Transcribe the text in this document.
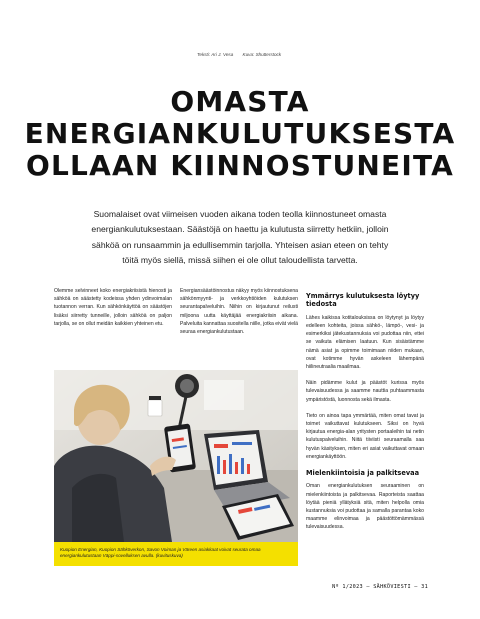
Teksti: Ari J. Vesa Kuva: Shutterstock
OMASTA
ENERGIANKULUTUKSESTA
OLLAAN KIINNOSTUNEITA

Suomalaiset ovat viimeisen vuoden aikana toden teolla kiinnostuneet omasta energiankulutuksestaan. Säästöjä on haettu ja kulutusta siirretty hetkiin, jolloin sähköä on runsaammin ja edullisemmin tarjolla. Yhteisen asian eteen on tehty töitä myös siellä, missä siihen ei ole ollut taloudellista tarvetta.

Olemme selvinneet koko energiakriisistä hienosti ja sähköä on säästetty kodeissa yhden ydinvoimalan tuotannon verran. Kun sähkönkäyttöä on säästöjen lisäksi siirretty tunneille, jolloin sähköä on paljon tarjolla, se on ollut meidän kaikkien yhteinen etu.

Energiansäästöinnostus näkyy myös kiinnostuksena sähkönmyynti- ja verkkoyhtiöiden kulutuksen seurantapalveluihin. Niihin on kirjautunut reilusti miljoona uutta käyttäjää energiakriisin aikana. Palveluita kannattaa suositella niille, jotka eivät vielä seuraa energiankulutustaan.

Ymmärrys kulutuksesta löytyy tiedosta

Lähes kaikissa kotitalouksissa on löytynyt ja löytyy edelleen kohteita, joissa sähkö-, lämpö-, vesi- ja esimerkiksi jätekustannuksia voi pudottaa niin, ettei se vaikuta elämisen laatuun. Kun sisäistämme nämä asiat ja opimme toimimaan niiden mukaan, ovat kotimme hyvän askeleen lähempänä hiilineutraalia maailmaa.

Näin pidämme kulut ja päästöt kurissa myös tulevaisuudessa ja saamme nauttia puhtaammasta ympäristöstä, luonnosta sekä ilmasta.

Tieto on ainoa tapa ymmärtää, miten omat tavat ja toimet vaikuttavat kulutukseen. Siksi on hyvä kirjautua energia-alan yritysten portaaleihin tai netin kulutuspalveluihin. Niitä tiiviisti seuraamalla saa hyvän käsityksen, miten eri asiat vaikuttavat omaan energiankäyttöön.

Mielenkiintoisia ja palkitsevaa

Oman energiankulutuksen seuraaminen on mielenkiintoista ja palkitsevaa. Raporteista saattaa löytää pieniä yllätyksiä sitä, miten helpolla omia kustannuksia voi pudottaa ja samalla parantaa koko maamme elinvoimaa ja päästöttömämmässä tulevaisuudessa.

Kuopion Energian, Kuopion Sähköverkon, Savon Voiman ja Väreen asiakkaat voivat seurata omaa energiankulutustaan Väppi-sovelluksen avulla. (kuvituskuva)

Nº 1/2023 — SÄHKÖVIESTI — 31
